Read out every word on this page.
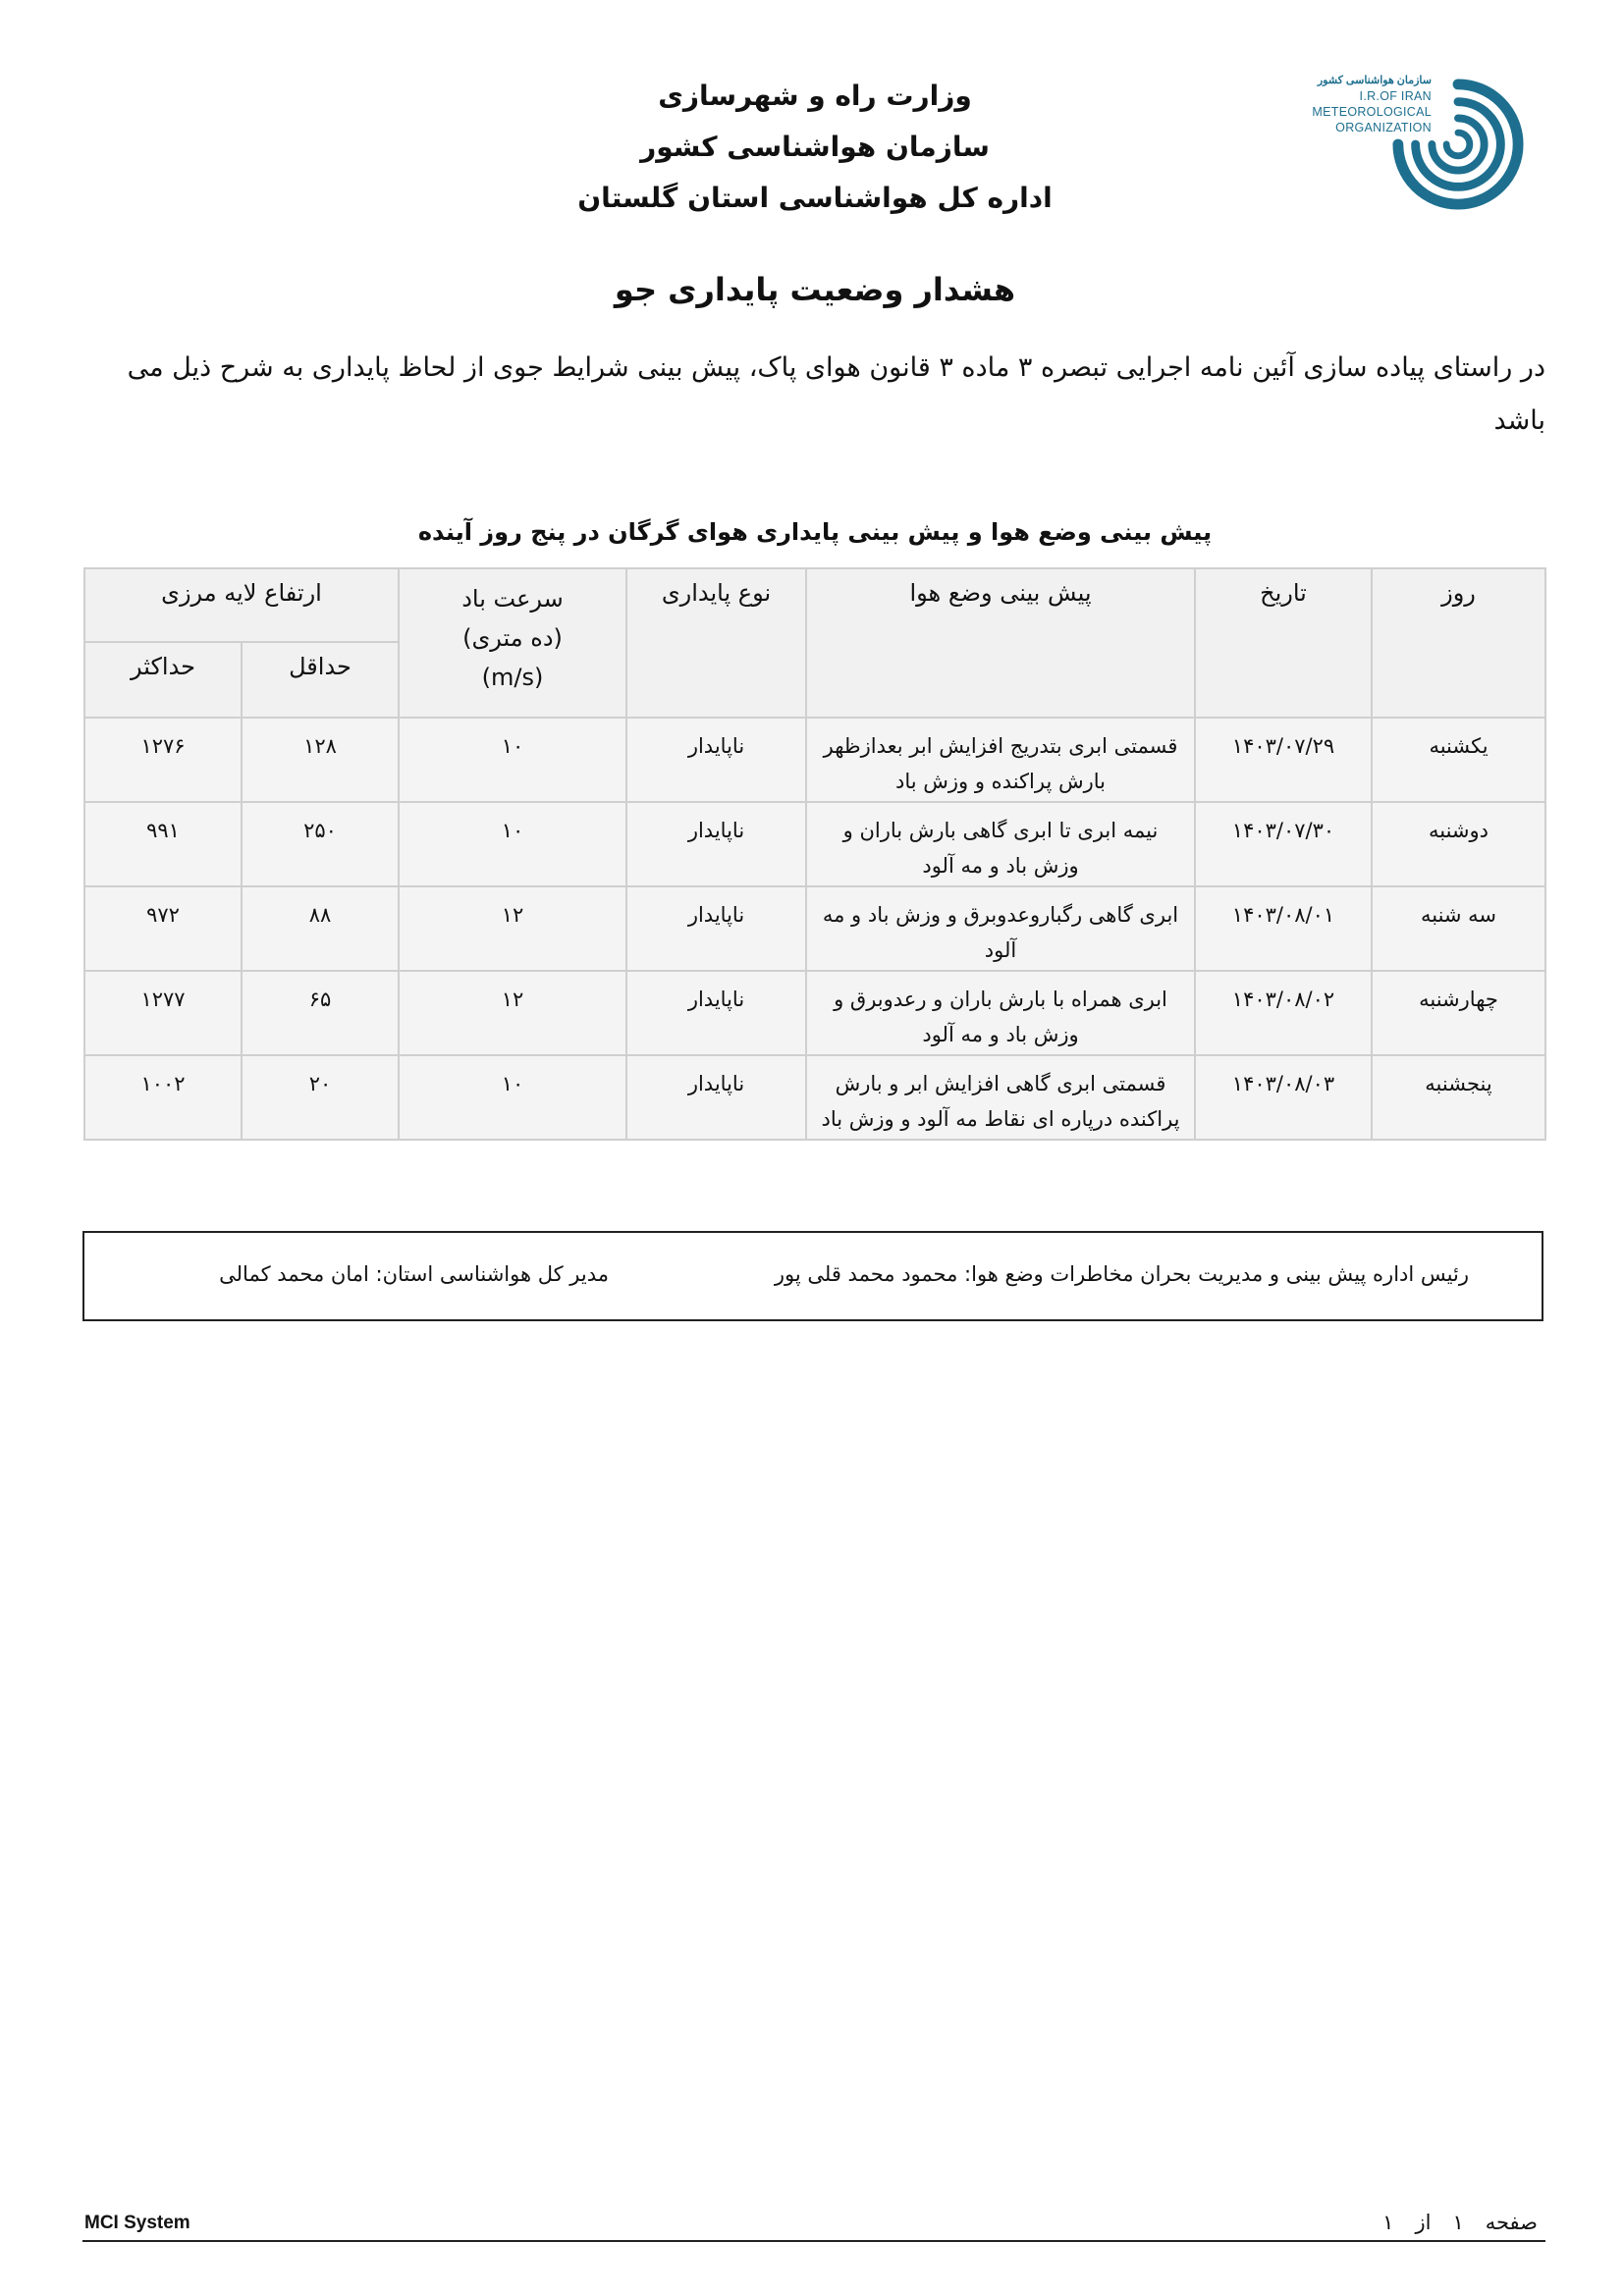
وزارت راه و شهرسازی
سازمان هواشناسی کشور
اداره کل هواشناسی استان گلستان
سازمان هواشناسی کشور
I.R.OF IRAN
METEOROLOGICAL
ORGANIZATION
هشدار وضعیت پایداری جو
در راستای پیاده سازی آئین نامه اجرایی تبصره ۳ ماده ۳ قانون هوای پاک، پیش بینی شرایط جوی از لحاظ پایداری به شرح ذیل می باشد
پیش بینی وضع هوا و پیش بینی پایداری هوای گرگان در پنج روز آینده
روز	تاریخ	پیش بینی وضع هوا	نوع پایداری	سرعت باد
(ده متری)
(m/s)	ارتفاع لایه مرزی	
					حداقل	حداکثر
یکشنبه	۱۴۰۳/۰۷/۲۹	قسمتی ابری بتدریج افزایش ابر بعدازظهر بارش پراکنده و وزش باد	ناپایدار	۱۰	۱۲۸	۱۲۷۶
دوشنبه	۱۴۰۳/۰۷/۳۰	نیمه ابری تا ابری گاهی بارش باران و وزش باد و مه آلود	ناپایدار	۱۰	۲۵۰	۹۹۱
سه شنبه	۱۴۰۳/۰۸/۰۱	ابری گاهی رگباروعدوبرق و وزش باد و مه آلود	ناپایدار	۱۲	۸۸	۹۷۲
چهارشنبه	۱۴۰۳/۰۸/۰۲	ابری همراه با بارش باران و رعدوبرق و وزش باد و مه آلود	ناپایدار	۱۲	۶۵	۱۲۷۷
پنجشنبه	۱۴۰۳/۰۸/۰۳	قسمتی ابری گاهی افزایش ابر و بارش پراکنده درپاره ای نقاط مه آلود و وزش باد	ناپایدار	۱۰	۲۰	۱۰۰۲
رئیس اداره پیش بینی و مدیریت بحران مخاطرات وضع هوا: محمود محمد قلی پور
مدیر کل هواشناسی استان: امان محمد کمالی
MCI System	صفحه۱از۱
